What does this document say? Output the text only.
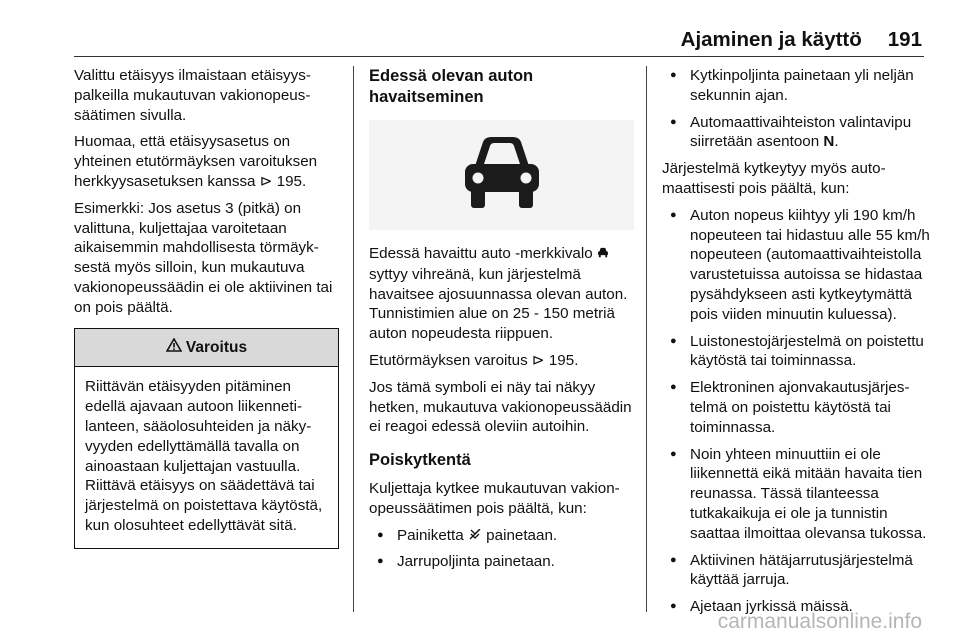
Ajaminen ja käyttö 191

Valittu etäisyys ilmaistaan etäisyyspalkeilla mukautuvan vakionopeussäätimen sivulla.

Huomaa, että etäisyysasetus on yhteinen etutörmäyksen varoituksen herkkyysasetuksen kanssa ⊳ 195.

Esimerkki: Jos asetus 3 (pitkä) on valittuna, kuljettajaa varoitetaan aikaisemmin mahdollisesta törmäyksestä myös silloin, kun mukautuva vakionopeussäädin ei ole aktiivinen tai on pois päältä.

Varoitus
Riittävän etäisyyden pitäminen edellä ajavaan autoon liikennetilanteen, sääolosuhteiden ja näkyvyyden edellyttämällä tavalla on ainoastaan kuljettajan vastuulla. Riittävä etäisyys on säädettävä tai järjestelmä on poistettava käytöstä, kun olosuhteet edellyttävät sitä.
Edessä olevan auton havaitseminen

Edessä havaittu auto -merkkivalo  syttyy vihreänä, kun järjestelmä havaitsee ajosuunnassa olevan auton. Tunnistimien alue on 25 - 150 metriä auton nopeudesta riippuen.

Etutörmäyksen varoitus ⊳ 195.

Jos tämä symboli ei näy tai näkyy hetken, mukautuva vakionopeussäädin ei reagoi edessä oleviin autoihin.

Poiskytkentä

Kuljettaja kytkee mukautuvan vakionopeussäätimen pois päältä, kun:

● Painiketta painetaan.
● Jarrupoljinta painetaan.
● Kytkinpoljinta painetaan yli neljän sekunnin ajan.
● Automaattivaihteiston valintavipu siirretään asentoon N.

Järjestelmä kytkeytyy myös automaattisesti pois päältä, kun:

● Auton nopeus kiihtyy yli 190 km/h nopeuteen tai hidastuu alle 55 km/h nopeuteen (automaattivaihteistolla varustetuissa autoissa se hidastaa pysähdykseen asti kytkeytymättä pois viiden minuutin kuluessa).
● Luistonestojärjestelmä on poistettu käytöstä tai toiminnassa.
● Elektroninen ajonvakautusjärjestelmä on poistettu käytöstä tai toiminnassa.
● Noin yhteen minuuttiin ei ole liikennettä eikä mitään havaita tien reunassa. Tässä tilanteessa tutkakaikuja ei ole ja tunnistin saattaa ilmoittaa olevansa tukossa.
● Aktiivinen hätäjarrutusjärjestelmä käyttää jarruja.
● Ajetaan jyrkissä mäissä.
carmanualsonline.info
